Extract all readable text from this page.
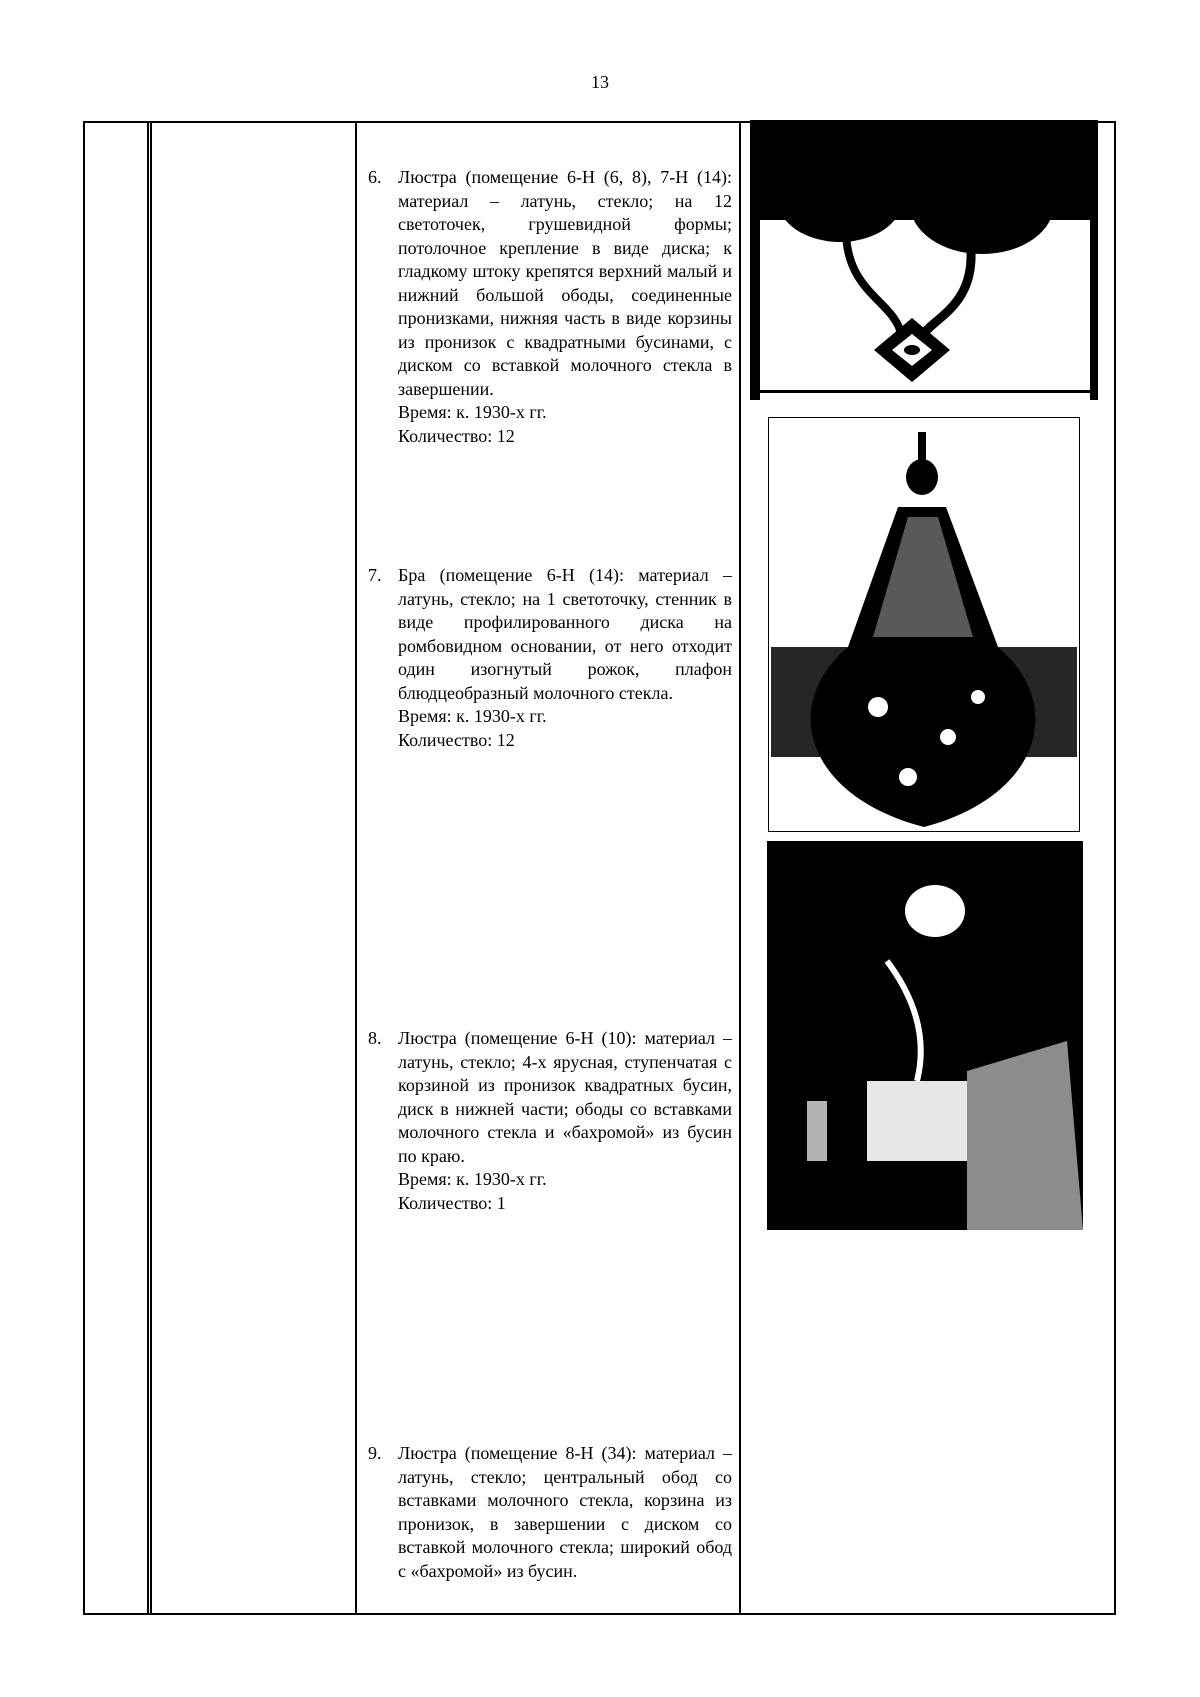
13
6. Люстра (помещение 6-Н (6, 8), 7-Н (14): материал – латунь, стекло; на 12 светоточек, грушевидной формы; потолочное крепление в виде диска; к гладкому штоку крепятся верхний малый и нижний большой ободы, соединенные пронизками, нижняя часть в виде корзины из пронизок с квадратными бусинами, с диском со вставкой молочного стекла в завершении.
Время: к. 1930-х гг.
Количество: 12
7. Бра (помещение 6-Н (14): материал – латунь, стекло; на 1 светоточку, стенник в виде профилированного диска на ромбовидном основании, от него отходит один изогнутый рожок, плафон блюдцеобразный молочного стекла.
Время: к. 1930-х гг.
Количество: 12
8. Люстра (помещение 6-Н (10): материал – латунь, стекло; 4-х ярусная, ступенчатая с корзиной из пронизок квадратных бусин, диск в нижней части; ободы со вставками молочного стекла и «бахромой» из бусин по краю.
Время: к. 1930-х гг.
Количество: 1
9. Люстра (помещение 8-Н (34): материал – латунь, стекло; центральный обод со вставками молочного стекла, корзина из пронизок, в завершении с диском со вставкой молочного стекла; широкий обод с «бахромой» из бусин.
